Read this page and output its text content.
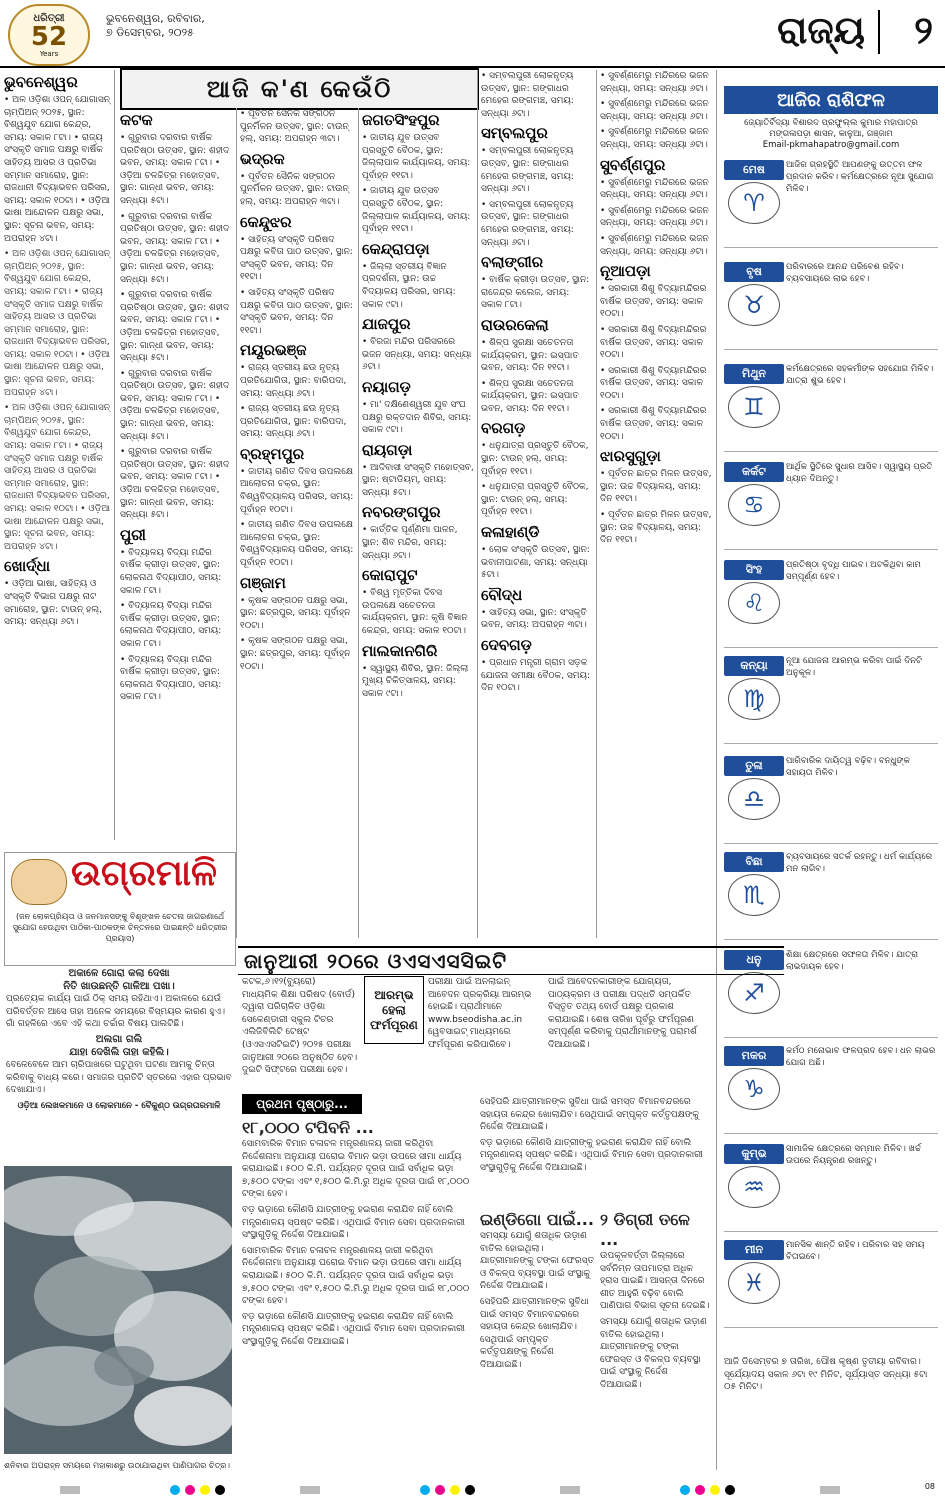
ଧରିତ୍ରୀ
52
Years
ଭୁବନେଶ୍ୱର, ରବିବାର,
୭ ଡିସେମ୍ବର, ୨୦୨୫	ରାଜ୍ୟ ୨
ଆଜି କ'ଣ କେଉଁଠି
ଭୁବନେଶ୍ୱର

• ଅଳ ଓଡ଼ିଶା ଓପନ୍ ଯୋଗାସନ୍ ଚାମ୍ପିଅନ୍ ୨୦୨୫, ସ୍ଥାନ: ବିଶ୍ୱଯୁବ ଯୋଗ କେନ୍ଦ୍ର, ସମୟ: ସକାଳ ୮ଟା। • ରାଜ୍ୟ ସଂସ୍କୃତି ସମାଜ ପକ୍ଷରୁ ବାର୍ଷିକ ସାହିତ୍ୟ ଆସର ଓ ପ୍ରତିଭା ସମ୍ମାନ ସମାରୋହ, ସ୍ଥାନ: ରାଜଧାନୀ ବିଦ୍ୟାଭବନ ପରିସର, ସମୟ: ସକାଳ ୧୦ଟା। • ଓଡ଼ିଆ ଭାଷା ଆନ୍ଦୋଳନ ପକ୍ଷରୁ ସଭା, ସ୍ଥାନ: ସୂଚନା ଭବନ, ସମୟ: ଅପରାହ୍ନ ୪ଟା।

• ଅଳ ଓଡ଼ିଶା ଓପନ୍ ଯୋଗାସନ୍ ଚାମ୍ପିଅନ୍ ୨୦୨୫, ସ୍ଥାନ: ବିଶ୍ୱଯୁବ ଯୋଗ କେନ୍ଦ୍ର, ସମୟ: ସକାଳ ୮ଟା। • ରାଜ୍ୟ ସଂସ୍କୃତି ସମାଜ ପକ୍ଷରୁ ବାର୍ଷିକ ସାହିତ୍ୟ ଆସର ଓ ପ୍ରତିଭା ସମ୍ମାନ ସମାରୋହ, ସ୍ଥାନ: ରାଜଧାନୀ ବିଦ୍ୟାଭବନ ପରିସର, ସମୟ: ସକାଳ ୧୦ଟା। • ଓଡ଼ିଆ ଭାଷା ଆନ୍ଦୋଳନ ପକ୍ଷରୁ ସଭା, ସ୍ଥାନ: ସୂଚନା ଭବନ, ସମୟ: ଅପରାହ୍ନ ୪ଟା।

• ଅଳ ଓଡ଼ିଶା ଓପନ୍ ଯୋଗାସନ୍ ଚାମ୍ପିଅନ୍ ୨୦୨୫, ସ୍ଥାନ: ବିଶ୍ୱଯୁବ ଯୋଗ କେନ୍ଦ୍ର, ସମୟ: ସକାଳ ୮ଟା। • ରାଜ୍ୟ ସଂସ୍କୃତି ସମାଜ ପକ୍ଷରୁ ବାର୍ଷିକ ସାହିତ୍ୟ ଆସର ଓ ପ୍ରତିଭା ସମ୍ମାନ ସମାରୋହ, ସ୍ଥାନ: ରାଜଧାନୀ ବିଦ୍ୟାଭବନ ପରିସର, ସମୟ: ସକାଳ ୧୦ଟା। • ଓଡ଼ିଆ ଭାଷା ଆନ୍ଦୋଳନ ପକ୍ଷରୁ ସଭା, ସ୍ଥାନ: ସୂଚନା ଭବନ, ସମୟ: ଅପରାହ୍ନ ୪ଟା।

ଖୋର୍ଦ୍ଧା

• ଓଡ଼ିଆ ଭାଷା, ସାହିତ୍ୟ ଓ ସଂସ୍କୃତି ବିଭାଗ ପକ୍ଷରୁ ନାଟ ସମାରୋହ, ସ୍ଥାନ: ଟାଉନ୍ ହଲ୍, ସମୟ: ସନ୍ଧ୍ୟା ୬ଟା।

କଟକ

• ଗୁରୁବାର ଦରବାର ବାର୍ଷିକ ପ୍ରତିଷ୍ଠା ଉତ୍ସବ, ସ୍ଥାନ: ଶହୀଦ ଭବନ, ସମୟ: ସକାଳ ୮ଟା। • ଓଡ଼ିଆ ଚଳଚ୍ଚିତ୍ର ମହୋତ୍ସବ, ସ୍ଥାନ: ଗାନ୍ଧୀ ଭବନ, ସମୟ: ସନ୍ଧ୍ୟା ୫ଟା।

• ଗୁରୁବାର ଦରବାର ବାର୍ଷିକ ପ୍ରତିଷ୍ଠା ଉତ୍ସବ, ସ୍ଥାନ: ଶହୀଦ ଭବନ, ସମୟ: ସକାଳ ୮ଟା। • ଓଡ଼ିଆ ଚଳଚ୍ଚିତ୍ର ମହୋତ୍ସବ, ସ୍ଥାନ: ଗାନ୍ଧୀ ଭବନ, ସମୟ: ସନ୍ଧ୍ୟା ୫ଟା।

• ଗୁରୁବାର ଦରବାର ବାର୍ଷିକ ପ୍ରତିଷ୍ଠା ଉତ୍ସବ, ସ୍ଥାନ: ଶହୀଦ ଭବନ, ସମୟ: ସକାଳ ୮ଟା। • ଓଡ଼ିଆ ଚଳଚ୍ଚିତ୍ର ମହୋତ୍ସବ, ସ୍ଥାନ: ଗାନ୍ଧୀ ଭବନ, ସମୟ: ସନ୍ଧ୍ୟା ୫ଟା।

• ଗୁରୁବାର ଦରବାର ବାର୍ଷିକ ପ୍ରତିଷ୍ଠା ଉତ୍ସବ, ସ୍ଥାନ: ଶହୀଦ ଭବନ, ସମୟ: ସକାଳ ୮ଟା। • ଓଡ଼ିଆ ଚଳଚ୍ଚିତ୍ର ମହୋତ୍ସବ, ସ୍ଥାନ: ଗାନ୍ଧୀ ଭବନ, ସମୟ: ସନ୍ଧ୍ୟା ୫ଟା।

• ଗୁରୁବାର ଦରବାର ବାର୍ଷିକ ପ୍ରତିଷ୍ଠା ଉତ୍ସବ, ସ୍ଥାନ: ଶହୀଦ ଭବନ, ସମୟ: ସକାଳ ୮ଟା। • ଓଡ଼ିଆ ଚଳଚ୍ଚିତ୍ର ମହୋତ୍ସବ, ସ୍ଥାନ: ଗାନ୍ଧୀ ଭବନ, ସମୟ: ସନ୍ଧ୍ୟା ୫ଟା।

ପୁରୀ

• ବିଦ୍ୟାଳୟ ବିଦ୍ୟା ମନ୍ଦିର ବାର୍ଷିକ କ୍ରୀଡ଼ା ଉତ୍ସବ, ସ୍ଥାନ: ଲୋକନାଥ ବିଦ୍ୟାପୀଠ, ସମୟ: ସକାଳ ୮ଟା।

• ବିଦ୍ୟାଳୟ ବିଦ୍ୟା ମନ୍ଦିର ବାର୍ଷିକ କ୍ରୀଡ଼ା ଉତ୍ସବ, ସ୍ଥାନ: ଲୋକନାଥ ବିଦ୍ୟାପୀଠ, ସମୟ: ସକାଳ ୮ଟା।

• ବିଦ୍ୟାଳୟ ବିଦ୍ୟା ମନ୍ଦିର ବାର୍ଷିକ କ୍ରୀଡ଼ା ଉତ୍ସବ, ସ୍ଥାନ: ଲୋକନାଥ ବିଦ୍ୟାପୀଠ, ସମୟ: ସକାଳ ୮ଟା।

• ପୂର୍ବତନ ସୈନିକ ସଙ୍ଗଠନ ପୁନର୍ମିଳନ ଉତ୍ସବ, ସ୍ଥାନ: ଟାଉନ୍ ହଲ୍, ସମୟ: ଅପରାହ୍ନ ୩ଟା।

ଭଦ୍ରକ

• ପୂର୍ବତନ ସୈନିକ ସଙ୍ଗଠନ ପୁନର୍ମିଳନ ଉତ୍ସବ, ସ୍ଥାନ: ଟାଉନ୍ ହଲ୍, ସମୟ: ଅପରାହ୍ନ ୩ଟା।

କେନ୍ଦୁଝର

• ସାହିତ୍ୟ ସଂସ୍କୃତି ପରିଷଦ ପକ୍ଷରୁ କବିତା ପାଠ ଉତ୍ସବ, ସ୍ଥାନ: ସଂସ୍କୃତି ଭବନ, ସମୟ: ଦିନ ୧୧ଟା।

• ସାହିତ୍ୟ ସଂସ୍କୃତି ପରିଷଦ ପକ୍ଷରୁ କବିତା ପାଠ ଉତ୍ସବ, ସ୍ଥାନ: ସଂସ୍କୃତି ଭବନ, ସମୟ: ଦିନ ୧୧ଟା।

ମୟୂରଭଞ୍ଜ

• ରାଜ୍ୟ ସ୍ତରୀୟ ଛଉ ନୃତ୍ୟ ପ୍ରତିଯୋଗିତା, ସ୍ଥାନ: ବାରିପଦା, ସମୟ: ସନ୍ଧ୍ୟା ୬ଟା।

• ରାଜ୍ୟ ସ୍ତରୀୟ ଛଉ ନୃତ୍ୟ ପ୍ରତିଯୋଗିତା, ସ୍ଥାନ: ବାରିପଦା, ସମୟ: ସନ୍ଧ୍ୟା ୬ଟା।

ବ୍ରହ୍ମପୁର

• ଜାତୀୟ ଗଣିତ ଦିବସ ଉପଲକ୍ଷେ ଆଲୋଚନା ଚକ୍ର, ସ୍ଥାନ: ବିଶ୍ୱବିଦ୍ୟାଳୟ ପରିସର, ସମୟ: ପୂର୍ବାହ୍ନ ୧୦ଟା।

• ଜାତୀୟ ଗଣିତ ଦିବସ ଉପଲକ୍ଷେ ଆଲୋଚନା ଚକ୍ର, ସ୍ଥାନ: ବିଶ୍ୱବିଦ୍ୟାଳୟ ପରିସର, ସମୟ: ପୂର୍ବାହ୍ନ ୧୦ଟା।

ଗଞ୍ଜାମ

• କୃଷକ ସଙ୍ଗଠନ ପକ୍ଷରୁ ସଭା, ସ୍ଥାନ: ଛତ୍ରପୁର, ସମୟ: ପୂର୍ବାହ୍ନ ୧୦ଟା।

• କୃଷକ ସଙ୍ଗଠନ ପକ୍ଷରୁ ସଭା, ସ୍ଥାନ: ଛତ୍ରପୁର, ସମୟ: ପୂର୍ବାହ୍ନ ୧୦ଟା।

ଜଗତସିଂହପୁର

• ଜାତୀୟ ଯୁବ ଉତ୍ସବ ପ୍ରସ୍ତୁତି ବୈଠକ, ସ୍ଥାନ: ଜିଲ୍ଲାପାଳ କାର୍ଯ୍ୟାଳୟ, ସମୟ: ପୂର୍ବାହ୍ନ ୧୧ଟା।

• ଜାତୀୟ ଯୁବ ଉତ୍ସବ ପ୍ରସ୍ତୁତି ବୈଠକ, ସ୍ଥାନ: ଜିଲ୍ଲାପାଳ କାର୍ଯ୍ୟାଳୟ, ସମୟ: ପୂର୍ବାହ୍ନ ୧୧ଟା।

କେନ୍ଦ୍ରାପଡ଼ା

• ଜିଲ୍ଲା ସ୍ତରୀୟ ବିଜ୍ଞାନ ପ୍ରଦର୍ଶନୀ, ସ୍ଥାନ: ଉଚ୍ଚ ବିଦ୍ୟାଳୟ ପରିସର, ସମୟ: ସକାଳ ୯ଟା।

ଯାଜପୁର

• ବିରଜା ମନ୍ଦିର ପରିସରରେ ଭଜନ ସନ୍ଧ୍ୟା, ସମୟ: ସନ୍ଧ୍ୟା ୬ଟା।

ନୟାଗଡ଼

• ମା' ଦକ୍ଷିଣେଶ୍ୱରୀ ଯୁବ ସଂଘ ପକ୍ଷରୁ ରକ୍ତଦାନ ଶିବିର, ସମୟ: ସକାଳ ୯ଟା।

ରାୟଗଡ଼ା

• ଆଦିବାସୀ ସଂସ୍କୃତି ମହୋତ୍ସବ, ସ୍ଥାନ: ଷ୍ଟାଡିୟମ୍, ସମୟ: ସନ୍ଧ୍ୟା ୫ଟା।

ନବରଙ୍ଗପୁର

• କାର୍ତ୍ତିକ ପୂର୍ଣ୍ଣିମା ପାଳନ, ସ୍ଥାନ: ଶିବ ମନ୍ଦିର, ସମୟ: ସନ୍ଧ୍ୟା ୬ଟା।

କୋରାପୁଟ

• ବିଶ୍ୱ ମୃତ୍ତିକା ଦିବସ ଉପଲକ୍ଷେ ସଚେତନତା କାର୍ଯ୍ୟକ୍ରମ, ସ୍ଥାନ: କୃଷି ବିଜ୍ଞାନ କେନ୍ଦ୍ର, ସମୟ: ସକାଳ ୧୦ଟା।

ମାଲକାନଗିରି

• ସ୍ୱାସ୍ଥ୍ୟ ଶିବିର, ସ୍ଥାନ: ଜିଲ୍ଲା ମୁଖ୍ୟ ଚିକିତ୍ସାଳୟ, ସମୟ: ସକାଳ ୯ଟା।

• ସମ୍ବଲପୁରୀ ଲୋକନୃତ୍ୟ ଉତ୍ସବ, ସ୍ଥାନ: ଗଙ୍ଗାଧର ମେହେର ରଙ୍ଗମଞ୍ଚ, ସମୟ: ସନ୍ଧ୍ୟା ୬ଟା।

ସମ୍ବଲପୁର

• ସମ୍ବଲପୁରୀ ଲୋକନୃତ୍ୟ ଉତ୍ସବ, ସ୍ଥାନ: ଗଙ୍ଗାଧର ମେହେର ରଙ୍ଗମଞ୍ଚ, ସମୟ: ସନ୍ଧ୍ୟା ୬ଟା।

• ସମ୍ବଲପୁରୀ ଲୋକନୃତ୍ୟ ଉତ୍ସବ, ସ୍ଥାନ: ଗଙ୍ଗାଧର ମେହେର ରଙ୍ଗମଞ୍ଚ, ସମୟ: ସନ୍ଧ୍ୟା ୬ଟା।

ବଲାଙ୍ଗୀର

• ବାର୍ଷିକ କ୍ରୀଡ଼ା ଉତ୍ସବ, ସ୍ଥାନ: ରାଜେନ୍ଦ୍ର କଲେଜ, ସମୟ: ସକାଳ ୮ଟା।

ରାଉରକେଲା

• ଶିଳ୍ପ ସୁରକ୍ଷା ସଚେତନତା କାର୍ଯ୍ୟକ୍ରମ, ସ୍ଥାନ: ଇସ୍ପାତ ଭବନ, ସମୟ: ଦିନ ୧୧ଟା।

• ଶିଳ୍ପ ସୁରକ୍ଷା ସଚେତନତା କାର୍ଯ୍ୟକ୍ରମ, ସ୍ଥାନ: ଇସ୍ପାତ ଭବନ, ସମୟ: ଦିନ ୧୧ଟା।

ବରଗଡ଼

• ଧନୁଯାତ୍ରା ପ୍ରସ୍ତୁତି ବୈଠକ, ସ୍ଥାନ: ଟାଉନ୍ ହଲ୍, ସମୟ: ପୂର୍ବାହ୍ନ ୧୧ଟା।

• ଧନୁଯାତ୍ରା ପ୍ରସ୍ତୁତି ବୈଠକ, ସ୍ଥାନ: ଟାଉନ୍ ହଲ୍, ସମୟ: ପୂର୍ବାହ୍ନ ୧୧ଟା।

କଳାହାଣ୍ଡି

• ଲୋକ ସଂସ୍କୃତି ଉତ୍ସବ, ସ୍ଥାନ: ଭବାନୀପାଟଣା, ସମୟ: ସନ୍ଧ୍ୟା ୫ଟା।

ବୌଦ୍ଧ

• ସାହିତ୍ୟ ସଭା, ସ୍ଥାନ: ସଂସ୍କୃତି ଭବନ, ସମୟ: ଅପରାହ୍ନ ୩ଟା।

ଦେବଗଡ଼

• ପ୍ରଧାନ ମନ୍ତ୍ରୀ ଗ୍ରାମ ସଡ଼କ ଯୋଜନା ସମୀକ୍ଷା ବୈଠକ, ସମୟ: ଦିନ ୧୦ଟା।

• ସୁବର୍ଣ୍ଣମେରୁ ମନ୍ଦିରରେ ଭଜନ ସନ୍ଧ୍ୟା, ସମୟ: ସନ୍ଧ୍ୟା ୬ଟା।

• ସୁବର୍ଣ୍ଣମେରୁ ମନ୍ଦିରରେ ଭଜନ ସନ୍ଧ୍ୟା, ସମୟ: ସନ୍ଧ୍ୟା ୬ଟା।

• ସୁବର୍ଣ୍ଣମେରୁ ମନ୍ଦିରରେ ଭଜନ ସନ୍ଧ୍ୟା, ସମୟ: ସନ୍ଧ୍ୟା ୬ଟା।

ସୁବର୍ଣ୍ଣପୁର

• ସୁବର୍ଣ୍ଣମେରୁ ମନ୍ଦିରରେ ଭଜନ ସନ୍ଧ୍ୟା, ସମୟ: ସନ୍ଧ୍ୟା ୬ଟା।

• ସୁବର୍ଣ୍ଣମେରୁ ମନ୍ଦିରରେ ଭଜନ ସନ୍ଧ୍ୟା, ସମୟ: ସନ୍ଧ୍ୟା ୬ଟା।

• ସୁବର୍ଣ୍ଣମେରୁ ମନ୍ଦିରରେ ଭଜନ ସନ୍ଧ୍ୟା, ସମୟ: ସନ୍ଧ୍ୟା ୬ଟା।

ନୂଆପଡ଼ା

• ସରକାରୀ ଶିଶୁ ବିଦ୍ୟାମନ୍ଦିରର ବାର୍ଷିକ ଉତ୍ସବ, ସମୟ: ସକାଳ ୧୦ଟା।

• ସରକାରୀ ଶିଶୁ ବିଦ୍ୟାମନ୍ଦିରର ବାର୍ଷିକ ଉତ୍ସବ, ସମୟ: ସକାଳ ୧୦ଟା।

• ସରକାରୀ ଶିଶୁ ବିଦ୍ୟାମନ୍ଦିରର ବାର୍ଷିକ ଉତ୍ସବ, ସମୟ: ସକାଳ ୧୦ଟା।

• ସରକାରୀ ଶିଶୁ ବିଦ୍ୟାମନ୍ଦିରର ବାର୍ଷିକ ଉତ୍ସବ, ସମୟ: ସକାଳ ୧୦ଟା।

ଝାରସୁଗୁଡ଼ା

• ପୂର୍ବତନ ଛାତ୍ର ମିଳନ ଉତ୍ସବ, ସ୍ଥାନ: ଉଚ୍ଚ ବିଦ୍ୟାଳୟ, ସମୟ: ଦିନ ୧୧ଟା।

• ପୂର୍ବତନ ଛାତ୍ର ମିଳନ ଉତ୍ସବ, ସ୍ଥାନ: ଉଚ୍ଚ ବିଦ୍ୟାଳୟ, ସମୟ: ଦିନ ୧୧ଟା।

ଆଜିର ରାଶିଫଳ
ଜ୍ୟୋତିର୍ବିଦ୍ୟା ବିଶାରଦ ପ୍ରଫୁଲ୍ଲ କୁମାର ମହାପାତ୍ର
ମଙ୍ଗଳାପଡ଼ା ଶାସନ, କାଳୁଆ, ଗଞ୍ଜାମ
Email-pkmahapatro@gmail.com
ମେଷ
♈
ଆଜିର ଗ୍ରହସ୍ଥିତି ଆପଣଙ୍କୁ ଉତ୍ତମ ଫଳ ପ୍ରଦାନ କରିବ। କର୍ମକ୍ଷେତ୍ରରେ ନୂଆ ସୁଯୋଗ ମିଳିବ।
ବୃଷ
♉
ପରିବାରରେ ଆନନ୍ଦ ପରିବେଶ ରହିବ। ବ୍ୟବସାୟରେ ଲାଭ ହେବ।
ମିଥୁନ
♊
କର୍ମକ୍ଷେତ୍ରରେ ସହକର୍ମୀଙ୍କ ସହଯୋଗ ମିଳିବ। ଯାତ୍ରା ଶୁଭ ହେବ।
କର୍କଟ
♋
ଆର୍ଥିକ ସ୍ଥିତିରେ ସୁଧାର ଆସିବ। ସ୍ୱାସ୍ଥ୍ୟ ପ୍ରତି ଧ୍ୟାନ ଦିଅନ୍ତୁ।
ସିଂହ
♌
ପ୍ରତିଷ୍ଠା ବୃଦ୍ଧି ପାଇବ। ଅଟକିଥିବା କାମ ସମ୍ପୂର୍ଣ୍ଣ ହେବ।
କନ୍ୟା
♍
ନୂଆ ଯୋଜନା ଆରମ୍ଭ କରିବା ପାଇଁ ଦିନଟି ଅନୁକୂଳ।
ତୁଳା
♎
ପାରିବାରିକ ଦାୟିତ୍ୱ ବଢ଼ିବ। ବନ୍ଧୁଙ୍କ ସହାୟତା ମିଳିବ।
ବିଛା
♏
ବ୍ୟବସାୟରେ ସତର୍କ ରହନ୍ତୁ। ଧର୍ମ କାର୍ଯ୍ୟରେ ମନ ଲାଗିବ।
ଧନୁ
♐
ଶିକ୍ଷା କ୍ଷେତ୍ରରେ ସଫଳତା ମିଳିବ। ଯାତ୍ରା ଲାଭଦାୟକ ହେବ।
ମକର
♑
କର୍ମଠ ମନୋଭାବ ଫଳପ୍ରଦ ହେବ। ଧନ ଲାଭର ଯୋଗ ଅଛି।
କୁମ୍ଭ
♒
ସାମାଜିକ କ୍ଷେତ୍ରରେ ସମ୍ମାନ ମିଳିବ। ଖର୍ଚ୍ଚ ଉପରେ ନିୟନ୍ତ୍ରଣ ରଖନ୍ତୁ।
ମୀନ
♓
ମାନସିକ ଶାନ୍ତି ରହିବ। ପରିବାର ସହ ସମୟ ବିତାଇବେ।
ଆଜି ଡିସେମ୍ବର ୭ ତାରିଖ, ପୌଷ କୃଷ୍ଣ ତୃତୀୟା ରବିବାର। ସୂର୍ଯ୍ୟୋଦୟ ସକାଳ ୬ଟା ୧୯ ମିନିଟ, ସୂର୍ଯ୍ୟାସ୍ତ ସନ୍ଧ୍ୟା ୫ଟା ୦୫ ମିନିଟ।
ଉଗ୍ରମାଳି
(ଜନ ଲୋକପ୍ରିୟତା ଓ ଜନମାନସଙ୍କୁ ବିଶୃଙ୍ଖଳ ଚେତନା ଜାଗରଣାର୍ଥେ ସୁଯୋଗ ହେଉଥିବା ପାଠିକା-ପାଠକଙ୍କ ଚିନ୍ତନରେ ପାଇଛନ୍ତି ଧରିତ୍ରୀର ପ୍ରୟାସ)
ଅକାଳେ ଗୋରା କଲା ଦେଖା
ନିତି ଖାଉଛନ୍ତି ଗାଳିଆ ପଖା।

ପ୍ରତ୍ୟେକ କାର୍ଯ୍ୟ ପାଇଁ ଠିକ୍ ସମୟ ରହିଥାଏ। ଅକାଳରେ ଯେଉଁ ପରିବର୍ତ୍ତନ ଆସେ ତାହା ଅନେକ ସମୟରେ ବିସ୍ମୟର କାରଣ ହୁଏ। ଗାଁ ଗହଳିରେ ଏବେ ଏହି କଥା ଚର୍ଚ୍ଚାର ବିଷୟ ପାଲଟିଛି।

ଅଲଗା ଗଲି
ଯାହା ଦେଖିଲି ତାହା କହିଲି।

ବେଳେବେଳେ ଆମ ଚାରିପାଖରେ ଘଟୁଥିବା ଘଟଣା ଆମକୁ ଚିନ୍ତା କରିବାକୁ ବାଧ୍ୟ କରେ। ସମାଜର ପ୍ରତିଟି ସ୍ତରରେ ଏହାର ପ୍ରଭାବ ଦେଖାଯାଏ।

ଓଡ଼ିଆ ଲେଖକମାନେ ଓ ଲୋକମାନେ - ବୈକୁଣ୍ଠ ଉଗ୍ରତାରମାଳି
ଶନିବାର ଅପରାହ୍ନ ସମୟରେ ମହାକାଶରୁ ଉଠାଯାଇଥିବା ପାଣିପାଗର ଚିତ୍ର।
ଜାନୁଆରୀ ୨୦ରେ ଓଏସଏସସିଇଟି
ଆରମ୍ଭ
ହେଲା
ଫର୍ମପୂରଣ
କଟକ,୬।୧୨(ବ୍ୟୁରୋ)

ମାଧ୍ୟମିକ ଶିକ୍ଷା ପରିଷଦ (ବୋର୍ଡ) ଦ୍ୱାରା ପରିଚାଳିତ ଓଡ଼ିଶା ସେକେଣ୍ଡାରୀ ସ୍କୁଲ ଟିଚର ଏଲିଜିବିଲିଟି ଟେଷ୍ଟ (ଓଏସଏସଟିଇଟି) ୨୦୨୫ ପରୀକ୍ଷା ଜାନୁଆରୀ ୨୦ରେ ଅନୁଷ୍ଠିତ ହେବ। ଦୁଇଟି ସିଫ୍ଟରେ ପରୀକ୍ଷା ହେବ।

ପରୀକ୍ଷା ପାଇଁ ଅନଲାଇନ୍ ଆବେଦନ ପ୍ରକ୍ରିୟା ଆରମ୍ଭ ହୋଇଛି। ପ୍ରାର୍ଥୀମାନେ www.bseodisha.ac.in ୱେବସାଇଟ୍ ମାଧ୍ୟମରେ ଫର୍ମପୂରଣ କରିପାରିବେ।

ପାଇଁ ଆବେଦନକାରୀଙ୍କ ଯୋଗ୍ୟତା, ପାଠ୍ୟକ୍ରମ ଓ ପରୀକ୍ଷା ପଦ୍ଧତି ସମ୍ପର୍କିତ ବିସ୍ତୃତ ତଥ୍ୟ ବୋର୍ଡ ପକ୍ଷରୁ ପ୍ରକାଶ କରାଯାଇଛି। ଶେଷ ତାରିଖ ପୂର୍ବରୁ ଫର୍ମପୂରଣ ସମ୍ପୂର୍ଣ୍ଣ କରିବାକୁ ପ୍ରାର୍ଥୀମାନଙ୍କୁ ପରାମର୍ଶ ଦିଆଯାଇଛି।

ପ୍ରଥମ ପୃଷ୍ଠାରୁ...
୧୮,୦୦୦ ଟପିବନି ...

ସୋମବାରିକ ବିମାନ ଚଳାଚଳ ମନ୍ତ୍ରଣାଳୟ ଜାରୀ କରିଥିବା ନିର୍ଦ୍ଦେଶନାମା ଅନୁଯାୟୀ ଘରୋଇ ବିମାନ ଭଡ଼ା ଉପରେ ସୀମା ଧାର୍ଯ୍ୟ କରାଯାଇଛି। ୫୦୦ କି.ମି. ପର୍ଯ୍ୟନ୍ତ ଦୂରତା ପାଇଁ ସର୍ବାଧିକ ଭଡ଼ା ୭,୫୦୦ ଟଙ୍କା ଏବଂ ୧,୫୦୦ କି.ମି.ରୁ ଅଧିକ ଦୂରତା ପାଇଁ ୧୮,୦୦୦ ଟଙ୍କା ହେବ।

ବଡ଼ ଭଡ଼ାରେ କୌଣସି ଯାତ୍ରୀଙ୍କୁ ହଇରାଣ କରାଯିବ ନାହିଁ ବୋଲି ମନ୍ତ୍ରଣାଳୟ ସ୍ପଷ୍ଟ କରିଛି। ଏଥିପାଇଁ ବିମାନ ସେବା ପ୍ରଦାନକାରୀ ସଂସ୍ଥାଗୁଡ଼ିକୁ ନିର୍ଦ୍ଦେଶ ଦିଆଯାଇଛି।

ସୋମବାରିକ ବିମାନ ଚଳାଚଳ ମନ୍ତ୍ରଣାଳୟ ଜାରୀ କରିଥିବା ନିର୍ଦ୍ଦେଶନାମା ଅନୁଯାୟୀ ଘରୋଇ ବିମାନ ଭଡ଼ା ଉପରେ ସୀମା ଧାର୍ଯ୍ୟ କରାଯାଇଛି। ୫୦୦ କି.ମି. ପର୍ଯ୍ୟନ୍ତ ଦୂରତା ପାଇଁ ସର୍ବାଧିକ ଭଡ଼ା ୭,୫୦୦ ଟଙ୍କା ଏବଂ ୧,୫୦୦ କି.ମି.ରୁ ଅଧିକ ଦୂରତା ପାଇଁ ୧୮,୦୦୦ ଟଙ୍କା ହେବ।

ବଡ଼ ଭଡ଼ାରେ କୌଣସି ଯାତ୍ରୀଙ୍କୁ ହଇରାଣ କରାଯିବ ନାହିଁ ବୋଲି ମନ୍ତ୍ରଣାଳୟ ସ୍ପଷ୍ଟ କରିଛି। ଏଥିପାଇଁ ବିମାନ ସେବା ପ୍ରଦାନକାରୀ ସଂସ୍ଥାଗୁଡ଼ିକୁ ନିର୍ଦ୍ଦେଶ ଦିଆଯାଇଛି।

ସେହିପରି ଯାତ୍ରୀମାନଙ୍କ ସୁବିଧା ପାଇଁ ସମସ୍ତ ବିମାନବନ୍ଦରରେ ସହାୟତା କେନ୍ଦ୍ର ଖୋଲାଯିବ। ସେଥିପାଇଁ ସମ୍ପୃକ୍ତ କର୍ତ୍ତୃପକ୍ଷଙ୍କୁ ନିର୍ଦ୍ଦେଶ ଦିଆଯାଇଛି।

ବଡ଼ ଭଡ଼ାରେ କୌଣସି ଯାତ୍ରୀଙ୍କୁ ହଇରାଣ କରାଯିବ ନାହିଁ ବୋଲି ମନ୍ତ୍ରଣାଳୟ ସ୍ପଷ୍ଟ କରିଛି। ଏଥିପାଇଁ ବିମାନ ସେବା ପ୍ରଦାନକାରୀ ସଂସ୍ଥାଗୁଡ଼ିକୁ ନିର୍ଦ୍ଦେଶ ଦିଆଯାଇଛି।

ଇଣ୍ଡିଗୋ ପାଇଁ...

ସମସ୍ୟା ଯୋଗୁଁ ଶତାଧିକ ଉଡ଼ାଣ ବାତିଲ ହୋଇଥିଲା। ଯାତ୍ରୀମାନଙ୍କୁ ଟଙ୍କା ଫେରସ୍ତ ଓ ବିକଳ୍ପ ବ୍ୟବସ୍ଥା ପାଇଁ ସଂସ୍ଥାକୁ ନିର୍ଦ୍ଦେଶ ଦିଆଯାଇଛି।

ସେହିପରି ଯାତ୍ରୀମାନଙ୍କ ସୁବିଧା ପାଇଁ ସମସ୍ତ ବିମାନବନ୍ଦରରେ ସହାୟତା କେନ୍ଦ୍ର ଖୋଲାଯିବ। ସେଥିପାଇଁ ସମ୍ପୃକ୍ତ କର୍ତ୍ତୃପକ୍ଷଙ୍କୁ ନିର୍ଦ୍ଦେଶ ଦିଆଯାଇଛି।

୨ ଡିଗ୍ରୀ ତଳେ ...

ଉପକୂଳବର୍ତ୍ତୀ ଜିଲ୍ଲାରେ ସର୍ବନିମ୍ନ ତାପମାତ୍ରା ଅଧିକ ହ୍ରାସ ପାଇଛି। ଆସନ୍ତା ଦିନରେ ଶୀତ ଆହୁରି ବଢ଼ିବ ବୋଲି ପାଣିପାଗ ବିଭାଗ ସୂଚନା ଦେଇଛି।

ସମସ୍ୟା ଯୋଗୁଁ ଶତାଧିକ ଉଡ଼ାଣ ବାତିଲ ହୋଇଥିଲା। ଯାତ୍ରୀମାନଙ୍କୁ ଟଙ୍କା ଫେରସ୍ତ ଓ ବିକଳ୍ପ ବ୍ୟବସ୍ଥା ପାଇଁ ସଂସ୍ଥାକୁ ନିର୍ଦ୍ଦେଶ ଦିଆଯାଇଛି।

08
